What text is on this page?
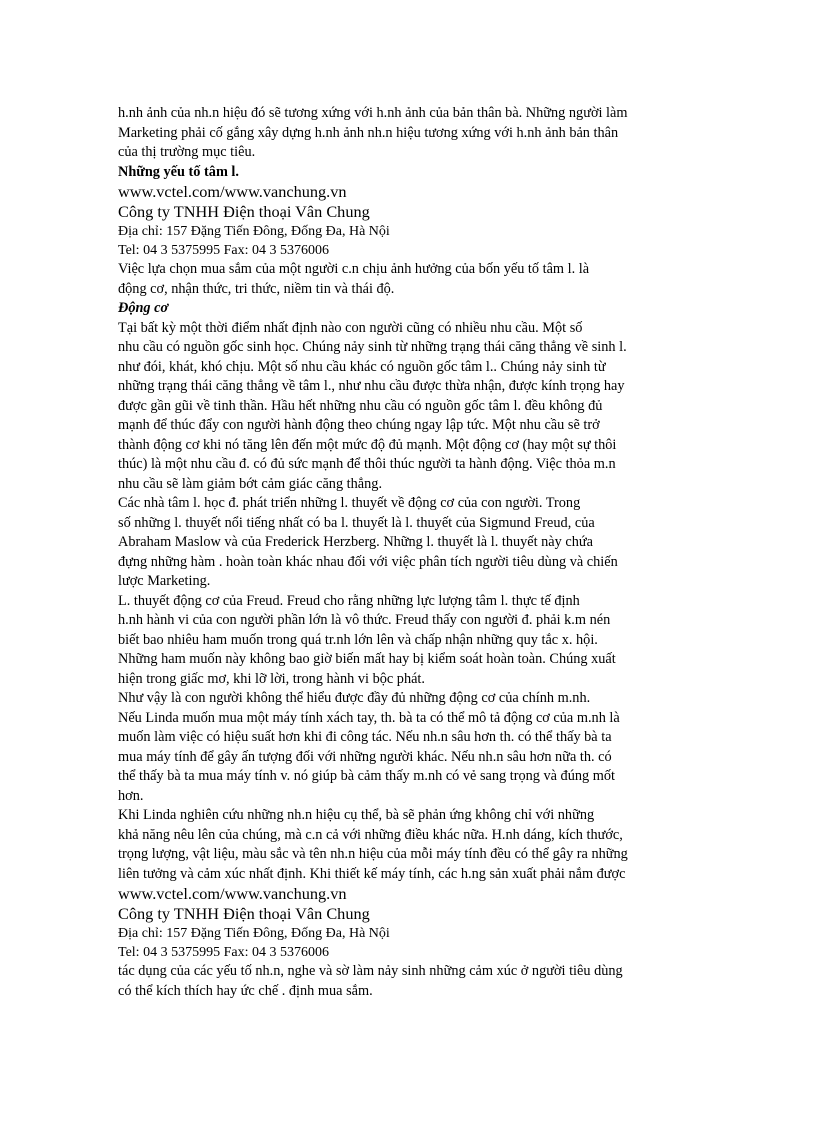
h.nh ảnh của nh.n hiệu đó sẽ tương xứng với h.nh ảnh của bản thân bà. Những người làm
Marketing phải cố gắng xây dựng h.nh ảnh nh.n hiệu tương xứng với h.nh ảnh bản thân
của thị trường mục tiêu.

Những yếu tố tâm l.

www.vctel.com/www.vanchung.vn

Công ty TNHH Điện thoại Vân Chung

Địa chỉ: 157 Đặng Tiến Đông, Đống Đa, Hà Nội

Tel: 04 3 5375995 Fax: 04 3 5376006

Việc lựa chọn mua sắm của một người c.n chịu ảnh hưởng của bốn yếu tố tâm l. là
động cơ, nhận thức, tri thức, niềm tin và thái độ.

Động cơ

Tại bất kỳ một thời điểm nhất định nào con người cũng có nhiều nhu cầu. Một số
nhu cầu có nguồn gốc sinh học. Chúng nảy sinh từ những trạng thái căng thẳng về sinh l.
như đói, khát, khó chịu. Một số nhu cầu khác có nguồn gốc tâm l.. Chúng nảy sinh từ
những trạng thái căng thẳng về tâm l., như nhu cầu được thừa nhận, được kính trọng hay
được gần gũi về tinh thần. Hầu hết những nhu cầu có nguồn gốc tâm l. đều không đủ
mạnh để thúc đẩy con người hành động theo chúng ngay lập tức. Một nhu cầu sẽ trở
thành động cơ khi nó tăng lên đến một mức độ đủ mạnh. Một động cơ (hay một sự thôi
thúc) là một nhu cầu đ. có đủ sức mạnh để thôi thúc người ta hành động. Việc thỏa m.n
nhu cầu sẽ làm giảm bớt cảm giác căng thẳng.

Các nhà tâm l. học đ. phát triển những l. thuyết về động cơ của con người. Trong
số những l. thuyết nổi tiếng nhất có ba l. thuyết là l. thuyết của Sigmund Freud, của
Abraham Maslow và của Frederick Herzberg. Những l. thuyết là l. thuyết này chứa
đựng những hàm . hoàn toàn khác nhau đối với việc phân tích người tiêu dùng và chiến
lược Marketing.

L. thuyết động cơ của Freud. Freud cho rằng những lực lượng tâm l. thực tế định
h.nh hành vi của con người phần lớn là vô thức. Freud thấy con người đ. phải k.m nén
biết bao nhiêu ham muốn trong quá tr.nh lớn lên và chấp nhận những quy tắc x. hội.
Những ham muốn này không bao giờ biến mất hay bị kiểm soát hoàn toàn. Chúng xuất
hiện trong giấc mơ, khi lỡ lời, trong hành vi bộc phát.

Như vậy là con người không thể hiểu được đầy đủ những động cơ của chính m.nh.
Nếu Linda muốn mua một máy tính xách tay, th. bà ta có thể mô tả động cơ của m.nh là
muốn làm việc có hiệu suất hơn khi đi công tác. Nếu nh.n sâu hơn th. có thể thấy bà ta
mua máy tính để gây ấn tượng đối với những người khác. Nếu nh.n sâu hơn nữa th. có
thể thấy bà ta mua máy tính v. nó giúp bà cảm thấy m.nh có vẻ sang trọng và đúng mốt
hơn.

Khi Linda nghiên cứu những nh.n hiệu cụ thể, bà sẽ phản ứng không chỉ với những
khả năng nêu lên của chúng, mà c.n cả với những điều khác nữa. H.nh dáng, kích thước,
trọng lượng, vật liệu, màu sắc và tên nh.n hiệu của mỗi máy tính đều có thể gây ra những
liên tưởng và cảm xúc nhất định. Khi thiết kế máy tính, các h.ng sản xuất phải nắm được

www.vctel.com/www.vanchung.vn

Công ty TNHH Điện thoại Vân Chung

Địa chỉ: 157 Đặng Tiến Đông, Đống Đa, Hà Nội

Tel: 04 3 5375995 Fax: 04 3 5376006

tác dụng của các yếu tố nh.n, nghe và sờ làm nảy sinh những cảm xúc ở người tiêu dùng
có thể kích thích hay ức chế . định mua sắm.
